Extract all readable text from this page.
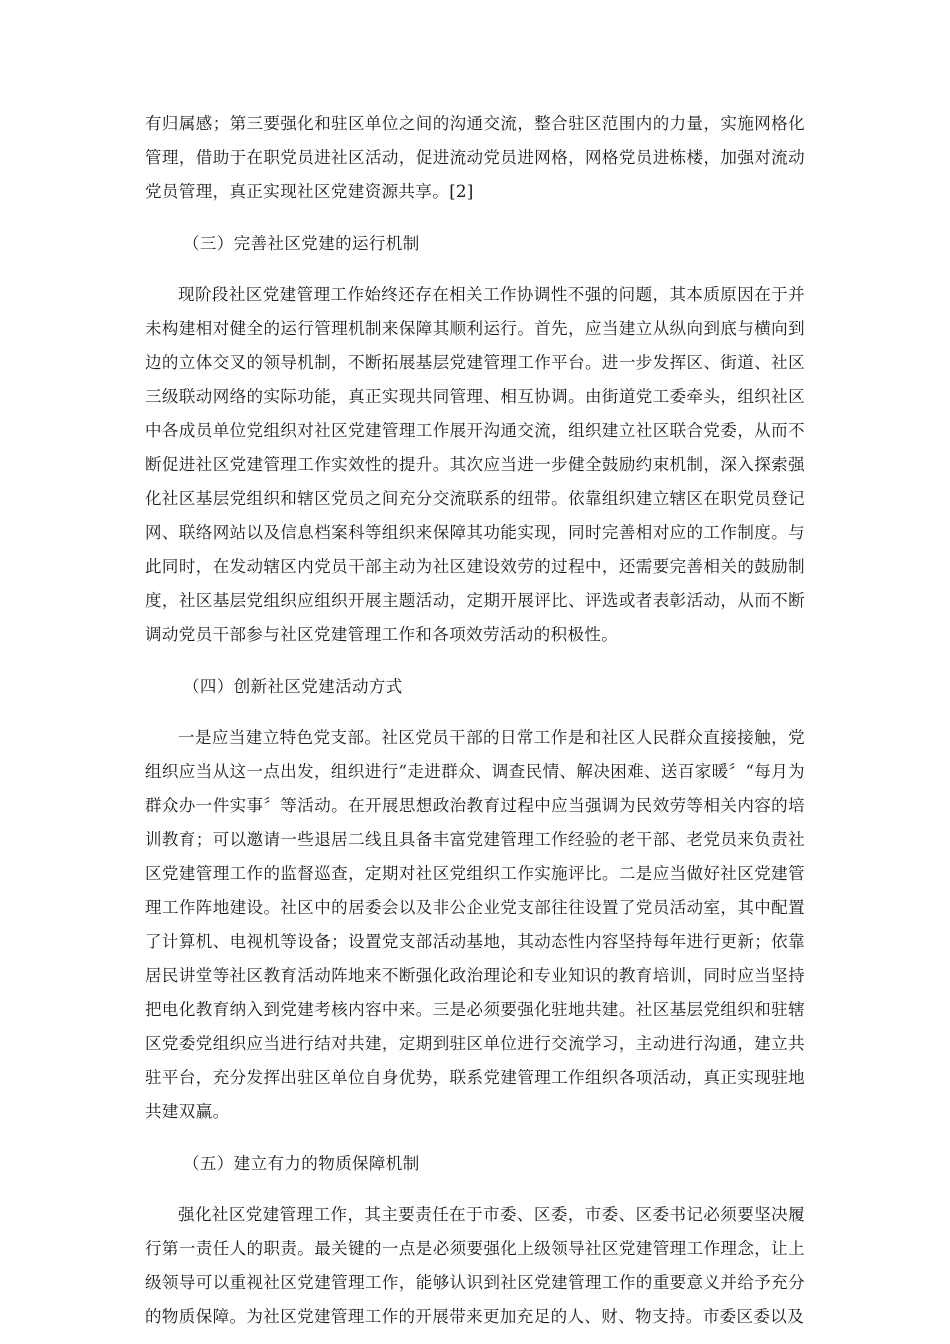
有归属感；第三要强化和驻区单位之间的沟通交流，整合驻区范围内的力量，实施网格化管理，借助于在职党员进社区活动，促进流动党员进网格，网格党员进栋楼，加强对流动党员管理，真正实现社区党建资源共享。[2]

（三）完善社区党建的运行机制

现阶段社区党建管理工作始终还存在相关工作协调性不强的问题，其本质原因在于并未构建相对健全的运行管理机制来保障其顺利运行。首先，应当建立从纵向到底与横向到边的立体交叉的领导机制，不断拓展基层党建管理工作平台。进一步发挥区、街道、社区三级联动网络的实际功能，真正实现共同管理、相互协调。由街道党工委牵头，组织社区中各成员单位党组织对社区党建管理工作展开沟通交流，组织建立社区联合党委，从而不断促进社区党建管理工作实效性的提升。其次应当进一步健全鼓励约束机制，深入探索强化社区基层党组织和辖区党员之间充分交流联系的纽带。依靠组织建立辖区在职党员登记网、联络网站以及信息档案科等组织来保障其功能实现，同时完善相对应的工作制度。与此同时，在发动辖区内党员干部主动为社区建设效劳的过程中，还需要完善相关的鼓励制度，社区基层党组织应组织开展主题活动，定期开展评比、评选或者表彰活动，从而不断调动党员干部参与社区党建管理工作和各项效劳活动的积极性。

（四）创新社区党建活动方式

一是应当建立特色党支部。社区党员干部的日常工作是和社区人民群众直接接触，党组织应当从这一点出发，组织进行“走进群众、调查民情、解决困难、送百家暖〞“每月为群众办一件实事〞等活动。在开展思想政治教育过程中应当强调为民效劳等相关内容的培训教育；可以邀请一些退居二线且具备丰富党建管理工作经验的老干部、老党员来负责社区党建管理工作的监督巡查，定期对社区党组织工作实施评比。二是应当做好社区党建管理工作阵地建设。社区中的居委会以及非公企业党支部往往设置了党员活动室，其中配置了计算机、电视机等设备；设置党支部活动基地，其动态性内容坚持每年进行更新；依靠居民讲堂等社区教育活动阵地来不断强化政治理论和专业知识的教育培训，同时应当坚持把电化教育纳入到党建考核内容中来。三是必须要强化驻地共建。社区基层党组织和驻辖区党委党组织应当进行结对共建，定期到驻区单位进行交流学习，主动进行沟通，建立共驻平台，充分发挥出驻区单位自身优势，联系党建管理工作组织各项活动，真正实现驻地共建双赢。

（五）建立有力的物质保障机制

强化社区党建管理工作，其主要责任在于市委、区委，市委、区委书记必须要坚决履行第一责任人的职责。最关键的一点是必须要强化上级领导社区党建管理工作理念，让上级领导可以重视社区党建管理工作，能够认识到社区党建管理工作的重要意义并给予充分的物质保障。为社区党建管理工作的开展带来更加充足的人、财、物支持。市委区委以及
